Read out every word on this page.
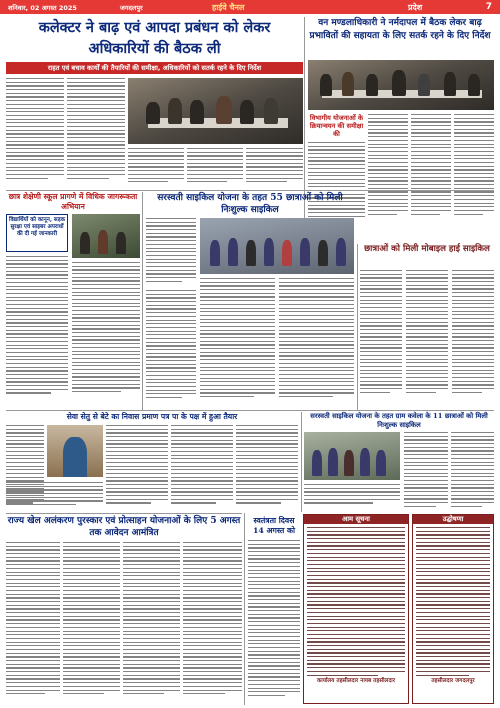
शनिवार, 02 अगस्त 2025	जगदलपुर	हाईवे चैनल	प्रदेश	7
कलेक्टर ने बाढ़ एवं आपदा प्रबंधन को लेकर अधिकारियों की बैठक ली
राहत एवं बचाव कार्यों की तैयारियों की समीक्षा, अधिकारियों को सतर्क रहने के दिए निर्देश
वन मण्डलाधिकारी ने नर्मदापल में बैठक लेकर बाढ़ प्रभावितों की सहायता के लिए सतर्क रहने के दिए निर्देश
विभागीय योजनाओं के क्रियान्वयन की समीक्षा की
छात्र शेक्षेणी स्कूल प्रागणे में विधिक जागरूकता अभियान
विद्यार्थियों को कानून, सड़क सुरक्षा एवं साइबर अपराधों की दी गई जानकारी
सरस्वती साइकिल योजना के तहत 55 छात्राओं को मिली निःशुल्क साइकिल
छात्राओं को मिली मोबाइल हाई साइकिल
सेवा सेतु से बेटे का निवास प्रमाण पत्र पा के पक्ष में हुआ तैयार	सरस्वती साइकिल योजना के तहत ग्राम कवेला के 11 छात्राओं को मिली निःशुल्क साइकिल
राज्य खेल अलंकरण पुरस्कार एवं प्रोत्साहन योजनाओं के लिए 5 अगस्त तक आवेदन आमंत्रित
स्वतंत्रता दिवस 14 अगस्त को
आम सूचना
कार्यालय तहसीलदार नायब तहसीलदार
उद्घोषणा
तहसीलदार जगदलपुर
